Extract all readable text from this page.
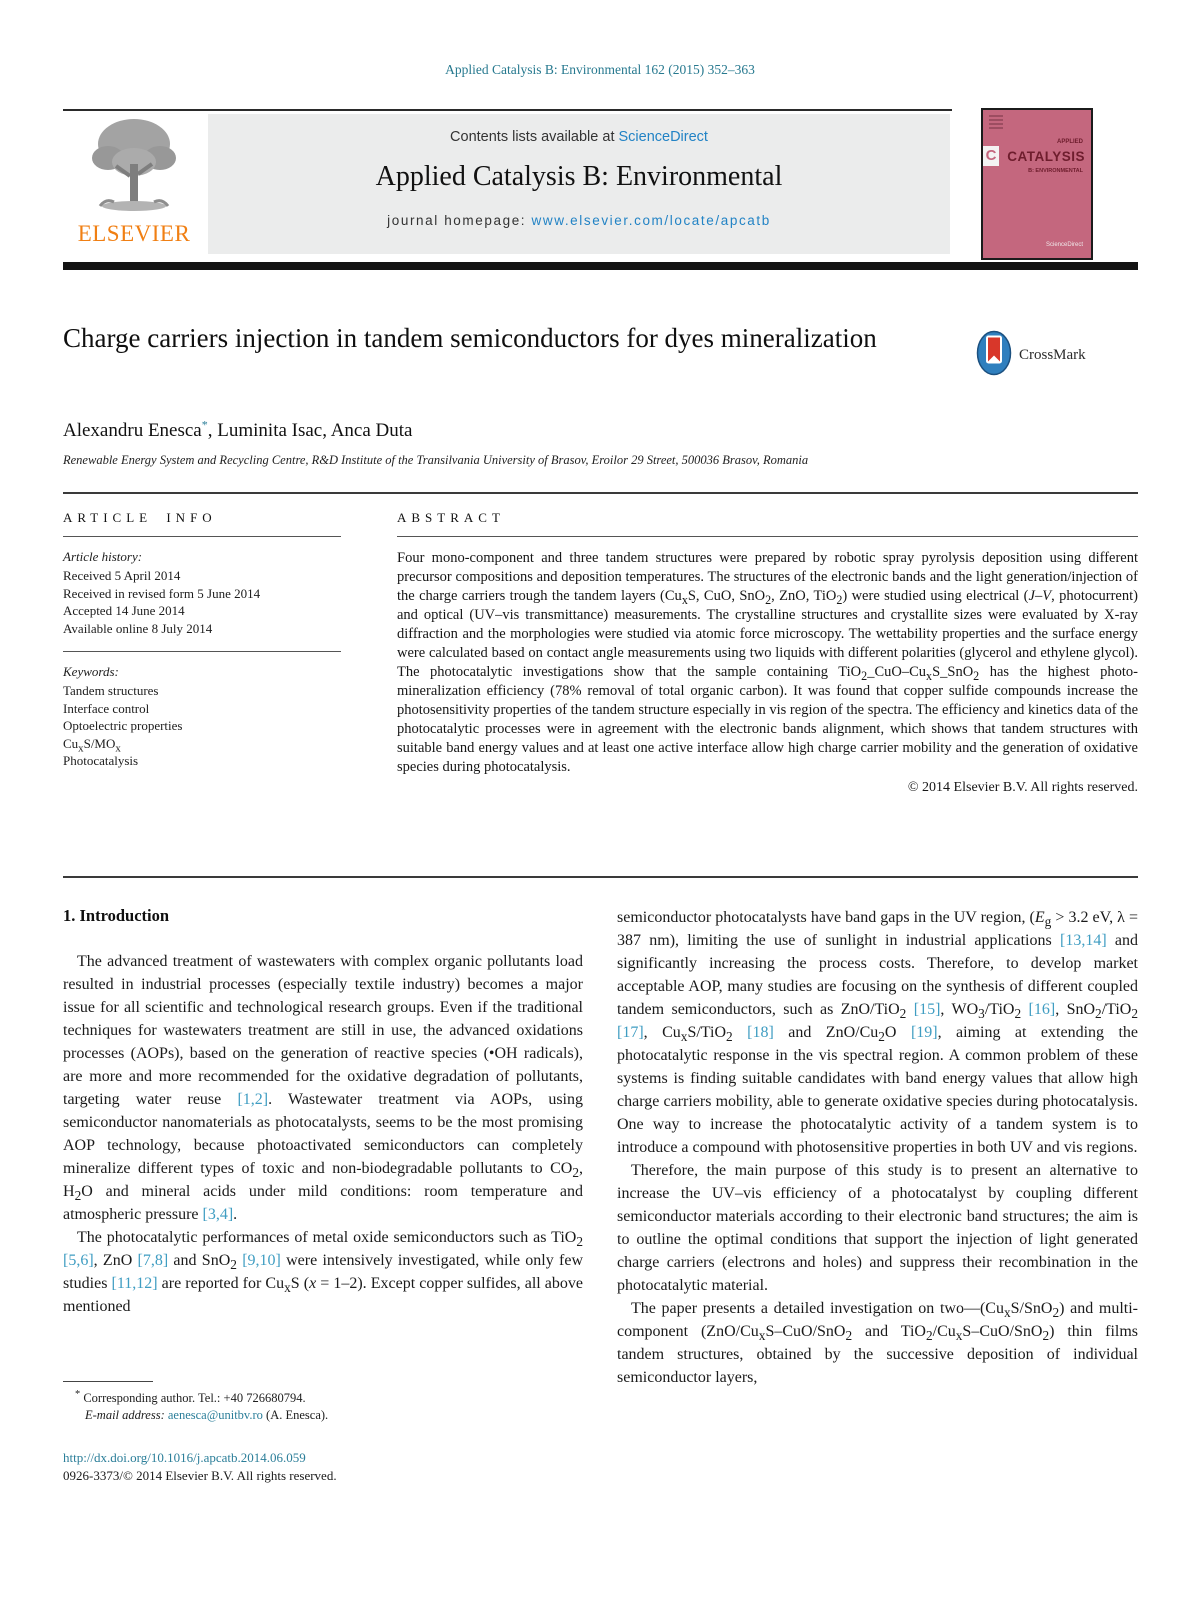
Applied Catalysis B: Environmental 162 (2015) 352–363
ELSEVIER
Contents lists available at ScienceDirect
Applied Catalysis B: Environmental
journal homepage: www.elsevier.com/locate/apcatb
APPLIED
C CATALYSIS
B: ENVIRONMENTAL
ScienceDirect
Charge carriers injection in tandem semiconductors for dyes mineralization
CrossMark
Alexandru Enesca*, Luminita Isac, Anca Duta
Renewable Energy System and Recycling Centre, R&D Institute of the Transilvania University of Brasov, Eroilor 29 Street, 500036 Brasov, Romania
ARTICLE INFO
Article history:
Received 5 April 2014
Received in revised form 5 June 2014
Accepted 14 June 2014
Available online 8 July 2014
Keywords:
Tandem structures
Interface control
Optoelectric properties
$Cu_xS/MO_x$
Photocatalysis
ABSTRACT
Four mono-component and three tandem structures were prepared by robotic spray pyrolysis deposition using different precursor compositions and deposition temperatures. The structures of the electronic bands and the light generation/injection of the charge carriers trough the tandem layers ($Cu_xS$, CuO, SnO$_2$, ZnO, TiO$_2$) were studied using electrical (J–V, photocurrent) and optical (UV–vis transmittance) measurements. The crystalline structures and crystallite sizes were evaluated by X-ray diffraction and the morphologies were studied via atomic force microscopy. The wettability properties and the surface energy were calculated based on contact angle measurements using two liquids with different polarities (glycerol and ethylene glycol). The photocatalytic investigations show that the sample containing $TiO_2\_CuO-Cu_xS\_SnO_2$ has the highest photo-mineralization efficiency (78% removal of total organic carbon). It was found that copper sulfide compounds increase the photosensitivity properties of the tandem structure especially in vis region of the spectra. The efficiency and kinetics data of the photocatalytic processes were in agreement with the electronic bands alignment, which shows that tandem structures with suitable band energy values and at least one active interface allow high charge carrier mobility and the generation of oxidative species during photocatalysis.
© 2014 Elsevier B.V. All rights reserved.
1. Introduction

The advanced treatment of wastewaters with complex organic pollutants load resulted in industrial processes (especially textile industry) becomes a major issue for all scientific and technological research groups. Even if the traditional techniques for wastewaters treatment are still in use, the advanced oxidations processes (AOPs), based on the generation of reactive species (•OH radicals), are more and more recommended for the oxidative degradation of pollutants, targeting water reuse [1,2]. Wastewater treatment via AOPs, using semiconductor nanomaterials as photocatalysts, seems to be the most promising AOP technology, because photoactivated semiconductors can completely mineralize different types of toxic and non-biodegradable pollutants to $CO_2$, $H_2O$ and mineral acids under mild conditions: room temperature and atmospheric pressure [3,4].

The photocatalytic performances of metal oxide semiconductors such as TiO$_2$ [5,6], ZnO [7,8] and SnO$_2$ [9,10] were intensively investigated, while only few studies [11,12] are reported for $Cu_xS$ (x = 1–2). Except copper sulfides, all above mentioned

semiconductor photocatalysts have band gaps in the UV region, ($E_g > 3.2$ eV, λ = 387 nm), limiting the use of sunlight in industrial applications [13,14] and significantly increasing the process costs. Therefore, to develop market acceptable AOP, many studies are focusing on the synthesis of different coupled tandem semiconductors, such as ZnO/TiO$_2$ [15], $WO_3/TiO_2$ [16], SnO$_2$/TiO$_2$ [17], $Cu_xS/TiO_2$ [18] and ZnO/$Cu_2O$ [19], aiming at extending the photocatalytic response in the vis spectral region. A common problem of these systems is finding suitable candidates with band energy values that allow high charge carriers mobility, able to generate oxidative species during photocatalysis. One way to increase the photocatalytic activity of a tandem system is to introduce a compound with photosensitive properties in both UV and vis regions.

Therefore, the main purpose of this study is to present an alternative to increase the UV–vis efficiency of a photocatalyst by coupling different semiconductor materials according to their electronic band structures; the aim is to outline the optimal conditions that support the injection of light generated charge carriers (electrons and holes) and suppress their recombination in the photocatalytic material.

The paper presents a detailed investigation on $two—(Cu_xS/SnO_2)$ and multi-component ($ZnO/Cu_xS-CuO/SnO_2$ and $TiO_2/Cu_xS-CuO/SnO_2$) thin films tandem structures, obtained by the successive deposition of individual semiconductor layers,

* Corresponding author. Tel.: +40 726680794.
E-mail address: aenesca@unitbv.ro (A. Enesca).
http://dx.doi.org/10.1016/j.apcatb.2014.06.059
0926-3373/© 2014 Elsevier B.V. All rights reserved.
